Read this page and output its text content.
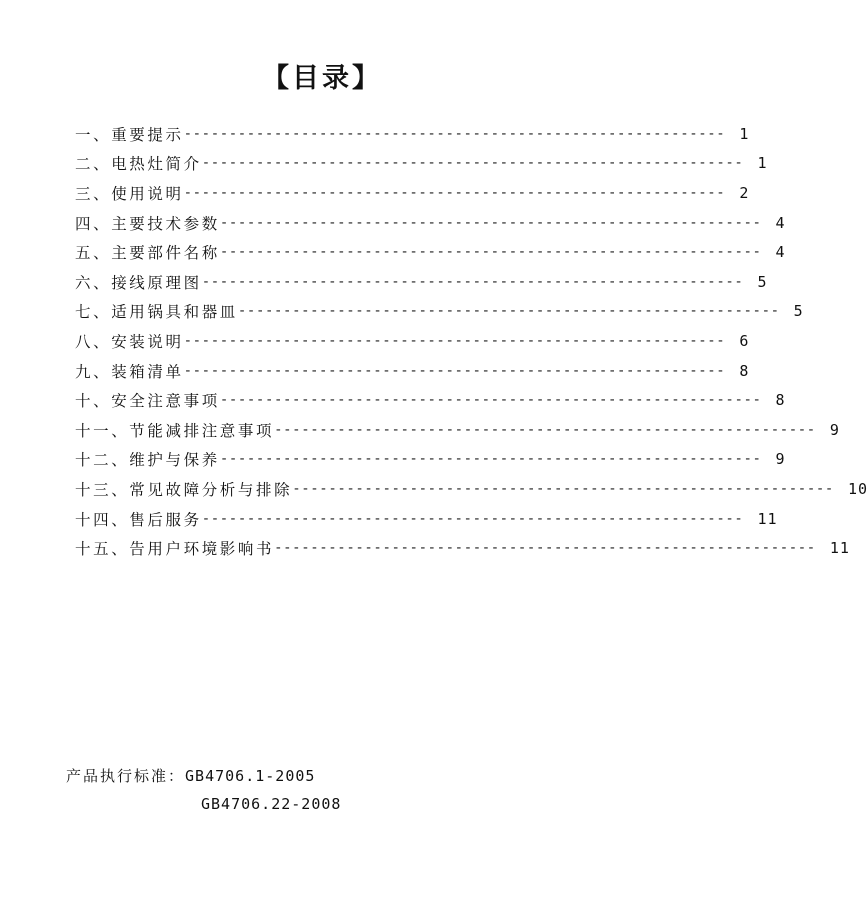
【目录】
一、重要提示 ------------------------------------------------------------ 1
二、电热灶简介 ------------------------------------------------------------ 1
三、使用说明 ------------------------------------------------------------ 2
四、主要技术参数 ------------------------------------------------------------ 4
五、主要部件名称 ------------------------------------------------------------ 4
六、接线原理图 ------------------------------------------------------------ 5
七、适用锅具和器皿 ------------------------------------------------------------ 5
八、安装说明 ------------------------------------------------------------ 6
九、装箱清单 ------------------------------------------------------------ 8
十、安全注意事项 ------------------------------------------------------------ 8
十一、节能减排注意事项 ------------------------------------------------------------ 9
十二、维护与保养 ------------------------------------------------------------ 9
十三、常见故障分析与排除 ------------------------------------------------------------ 10
十四、售后服务 ------------------------------------------------------------ 11
十五、告用户环境影响书 ------------------------------------------------------------ 11
产品执行标准：GB4706.1-2005
GB4706.22-2008
